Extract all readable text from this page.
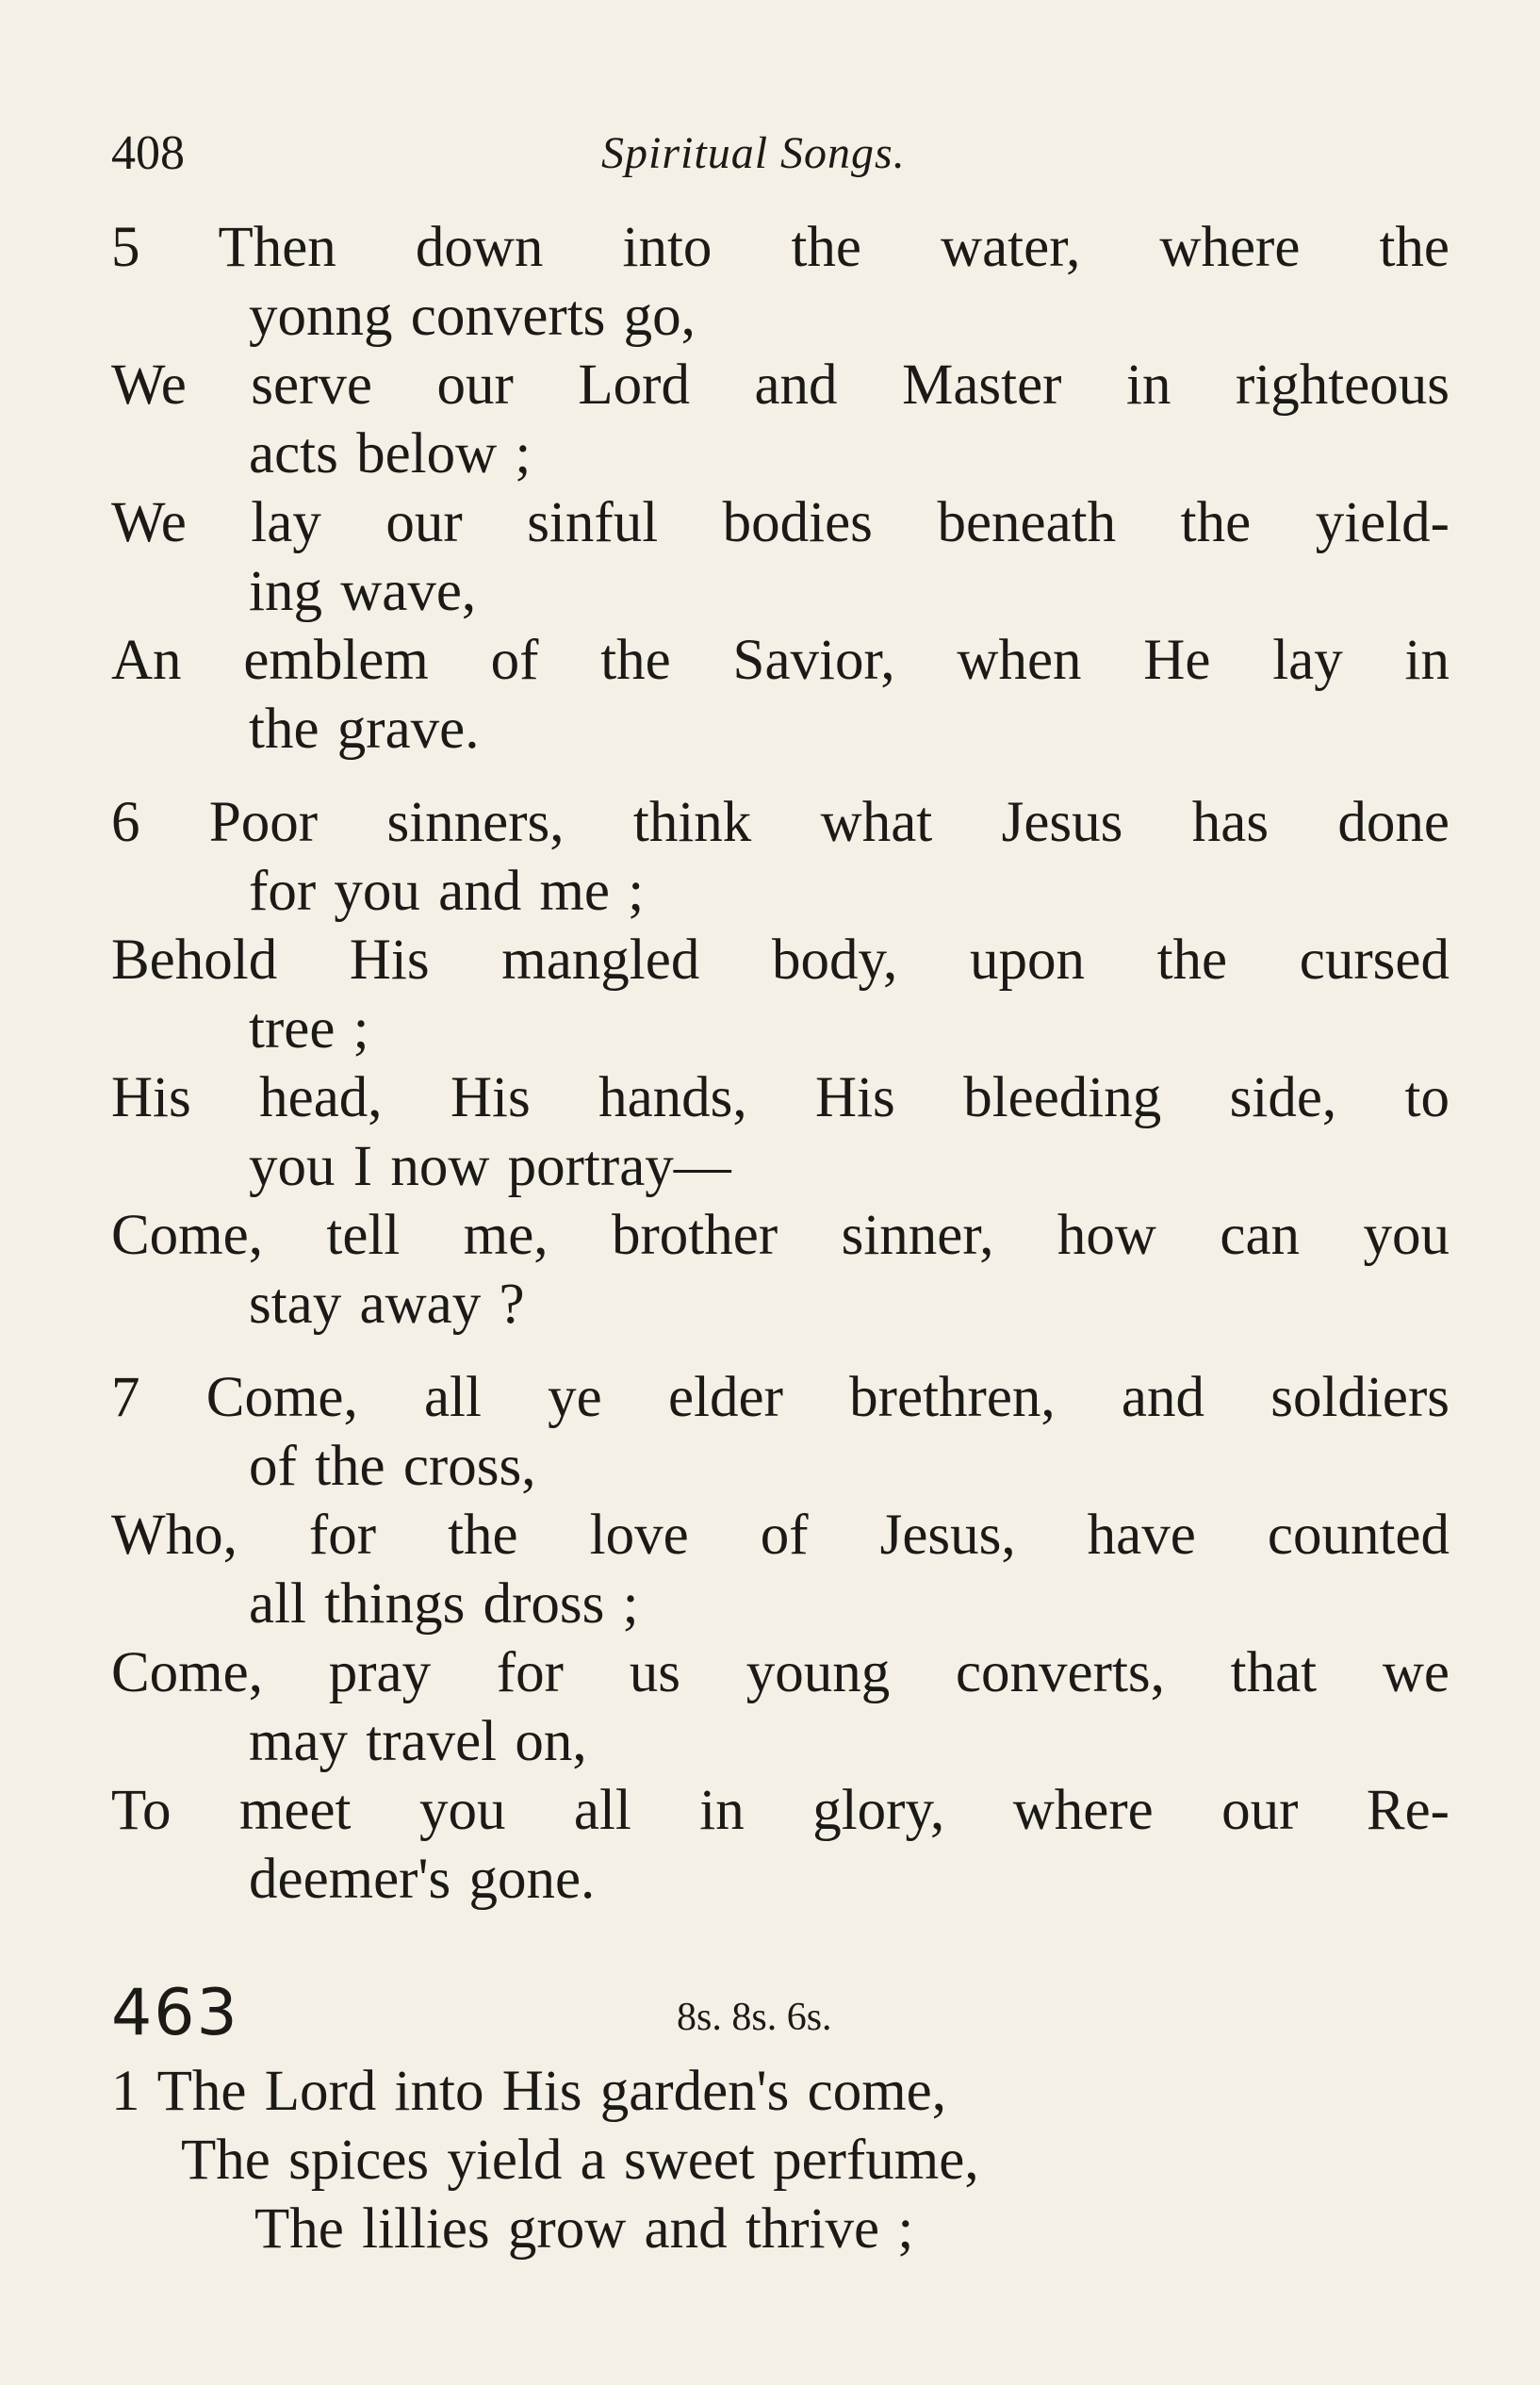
408	Spiritual Songs.
5 Then down into the water, where the
yonng converts go,
We serve our Lord and Master in righteous
acts below ;
We lay our sinful bodies beneath the yield-
ing wave,
An emblem of the Savior, when He lay in
the grave.
6 Poor sinners, think what Jesus has done
for you and me ;
Behold His mangled body, upon the cursed
tree ;
His head, His hands, His bleeding side, to
you I now portray—
Come, tell me, brother sinner, how can you
stay away ?
7 Come, all ye elder brethren, and soldiers
of the cross,
Who, for the love of Jesus, have counted
all things dross ;
Come, pray for us young converts, that we
may travel on,
To meet you all in glory, where our Re-
deemer's gone.
463	8s. 8s. 6s.
1 The Lord into His garden's come,
The spices yield a sweet perfume,
The lillies grow and thrive ;
